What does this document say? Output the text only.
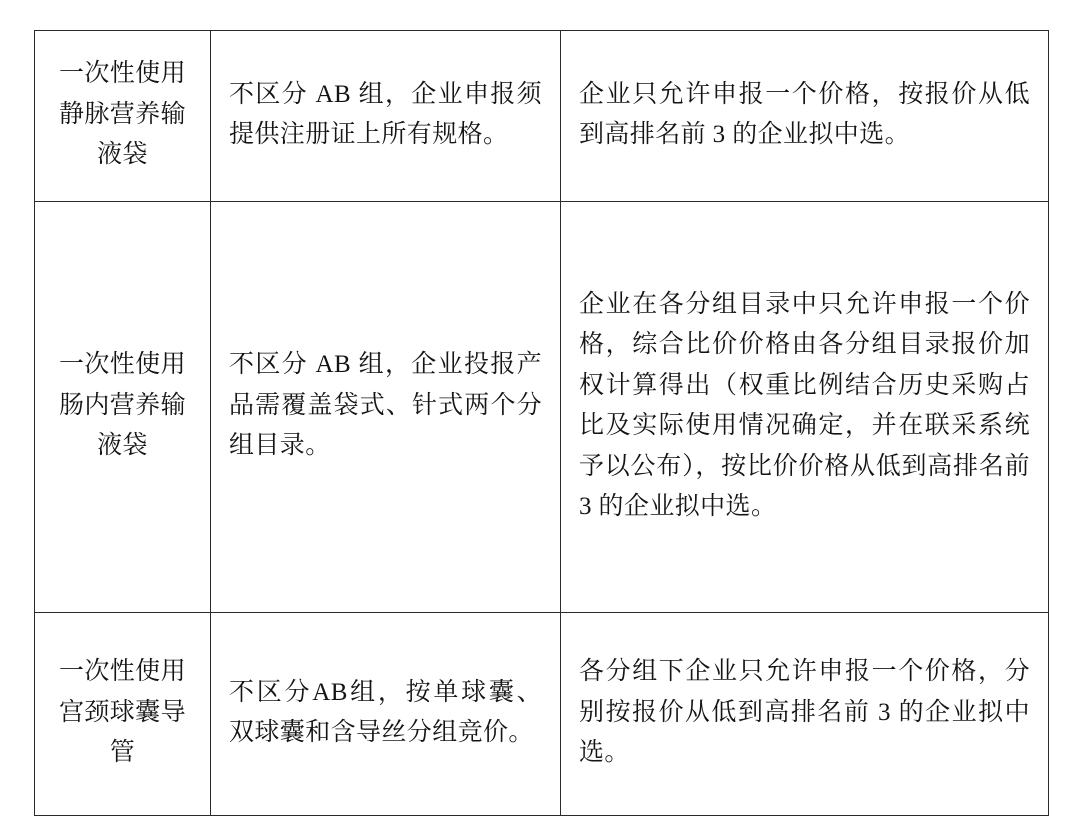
一次性使用静脉营养输液袋	不区分 AB 组，企业申报须提供注册证上所有规格。	企业只允许申报一个价格，按报价从低到高排名前 3 的企业拟中选。

一次性使用肠内营养输液袋	不区分 AB 组，企业投报产品需覆盖袋式、针式两个分组目录。	企业在各分组目录中只允许申报一个价格，综合比价价格由各分组目录报价加权计算得出（权重比例结合历史采购占比及实际使用情况确定，并在联采系统予以公布），按比价价格从低到高排名前 3 的企业拟中选。

一次性使用宫颈球囊导管	不区分AB组，按单球囊、双球囊和含导丝分组竞价。	各分组下企业只允许申报一个价格，分别按报价从低到高排名前 3 的企业拟中选。
